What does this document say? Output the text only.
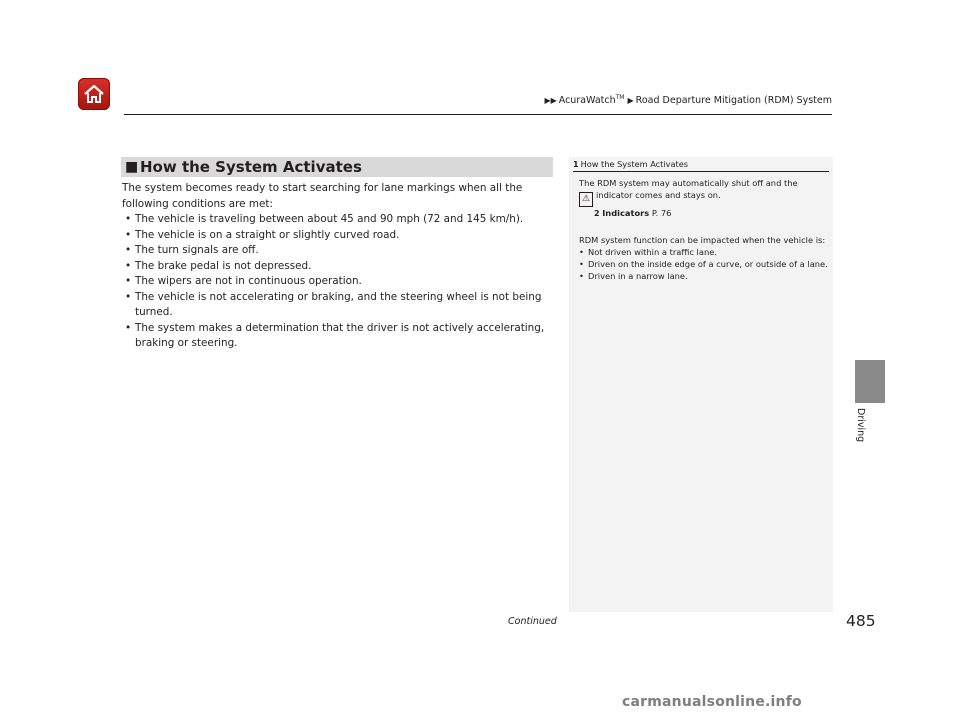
▶▶ AcuraWatch™ ▶ Road Departure Mitigation (RDM) System
Driving
■ How the System Activates

The system becomes ready to start searching for lane markings when all the following conditions are met:

• The vehicle is traveling between about 45 and 90 mph (72 and 145 km/h).
• The vehicle is on a straight or slightly curved road.
• The turn signals are off.
• The brake pedal is not depressed.
• The wipers are not in continuous operation.
• The vehicle is not accelerating or braking, and the steering wheel is not being turned.
• The system makes a determination that the driver is not actively accelerating, braking or steering.
1 How the System Activates

The RDM system may automatically shut off and the
⚠ indicator comes and stays on.

2 Indicators P. 76

RDM system function can be impacted when the vehicle is:

• Not driven within a traffic lane.
• Driven on the inside edge of a curve, or outside of a lane.
• Driven in a narrow lane.
Continued	485
carmanualsonline.info
